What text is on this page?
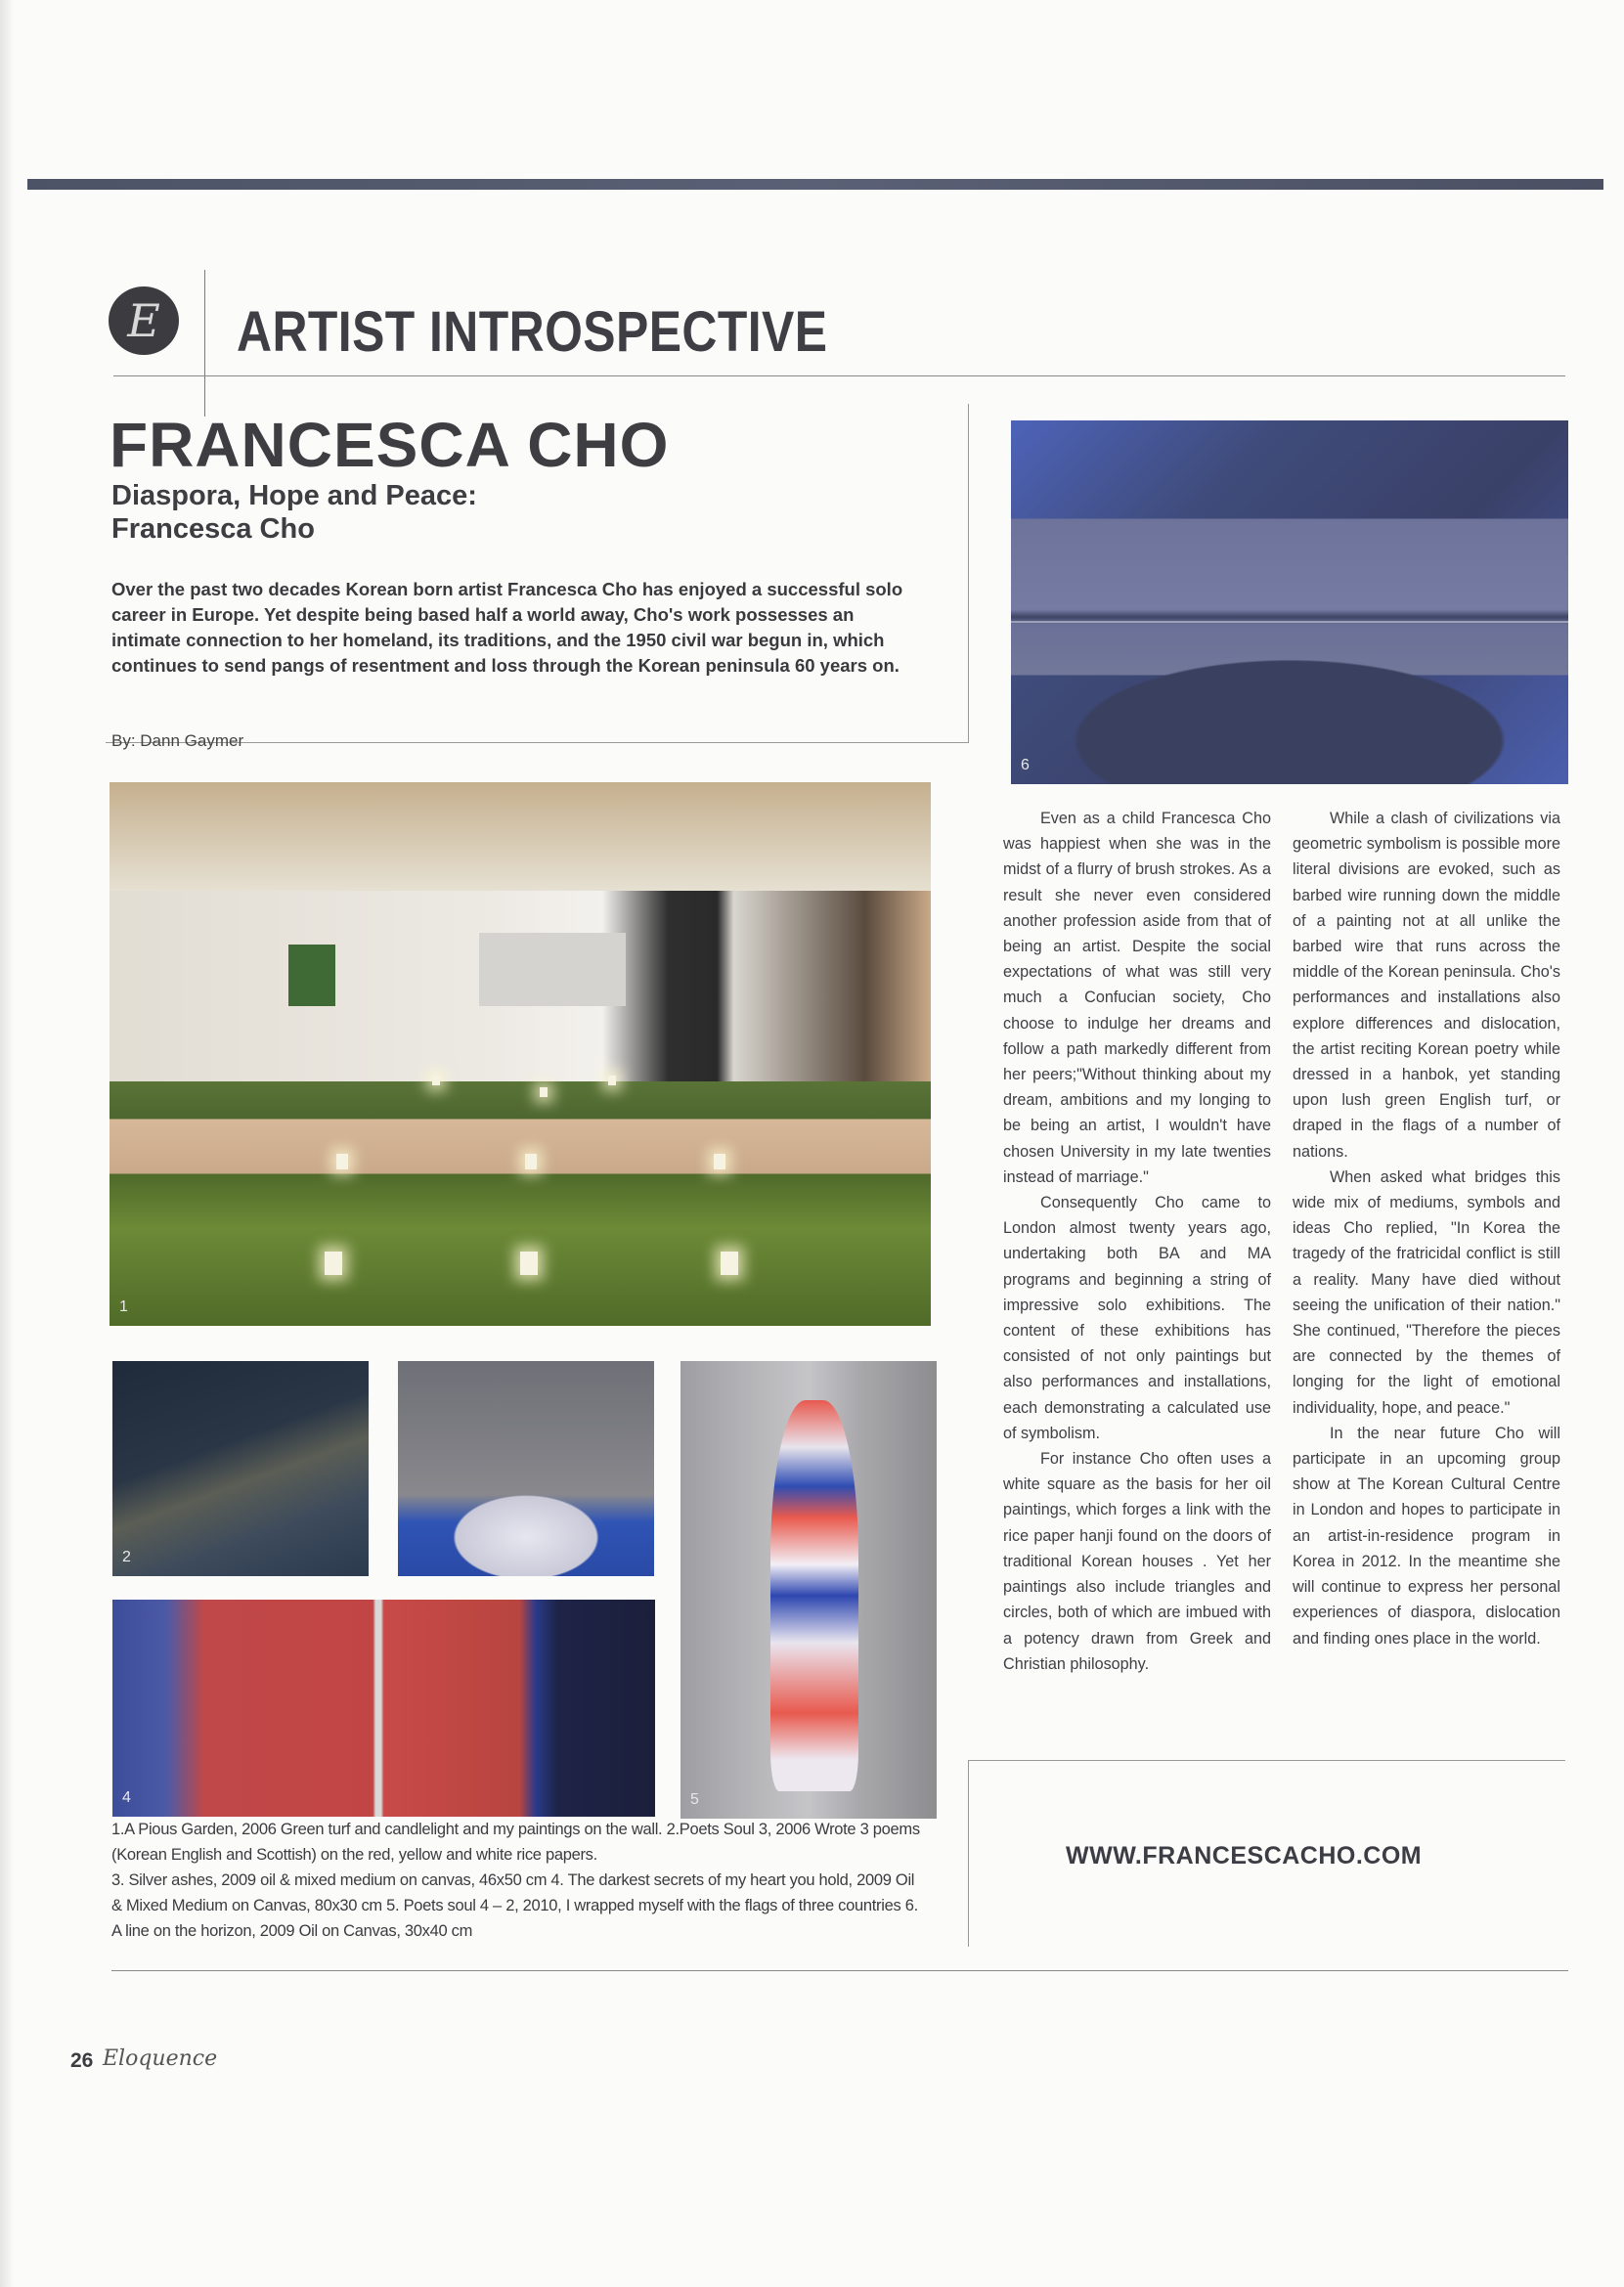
E ARTIST INTROSPECTIVE
FRANCESCA CHO
Diaspora, Hope and Peace:
Francesca Cho
Over the past two decades Korean born artist Francesca Cho has enjoyed a successful solo career in Europe. Yet despite being based half a world away, Cho's work possesses an intimate connection to her homeland, its traditions, and the 1950 civil war begun in, which continues to send pangs of resentment and loss through the Korean peninsula 60 years on.
By: Dann Gaymer
1
2
4	5
6

Even as a child Francesca Cho was happiest when she was in the midst of a flurry of brush strokes. As a result she never even considered another profession aside from that of being an artist. Despite the social expectations of what was still very much a Confucian society, Cho choose to indulge her dreams and follow a path markedly different from her peers;"Without thinking about my dream, ambitions and my longing to be being an artist, I wouldn't have chosen University in my late twenties instead of marriage."

Consequently Cho came to London almost twenty years ago, undertaking both BA and MA programs and beginning a string of impressive solo exhibitions. The content of these exhibitions has consisted of not only paintings but also performances and installations, each demonstrating a calculated use of symbolism.

For instance Cho often uses a white square as the basis for her oil paintings, which forges a link with the rice paper hanji found on the doors of traditional Korean houses . Yet her paintings also include triangles and circles, both of which are imbued with a potency drawn from Greek and Christian philosophy.

While a clash of civilizations via geometric symbolism is possible more literal divisions are evoked, such as barbed wire running down the middle of a painting not at all unlike the barbed wire that runs across the middle of the Korean peninsula. Cho's performances and installations also explore differences and dislocation, the artist reciting Korean poetry while dressed in a hanbok, yet standing upon lush green English turf, or draped in the flags of a number of nations.

When asked what bridges this wide mix of mediums, symbols and ideas Cho replied, "In Korea the tragedy of the fratricidal conflict is still a reality. Many have died without seeing the unification of their nation." She continued, "Therefore the pieces are connected by the themes of longing for the light of emotional individuality, hope, and peace."

In the near future Cho will participate in an upcoming group show at The Korean Cultural Centre in London and hopes to participate in an artist-in-residence program in Korea in 2012. In the meantime she will continue to express her personal experiences of diaspora, dislocation and finding ones place in the world.

1.A Pious Garden, 2006 Green turf and candlelight and my paintings on the wall. 2.Poets Soul 3, 2006 Wrote 3 poems (Korean English and Scottish) on the red, yellow and white rice papers.

3. Silver ashes, 2009 oil & mixed medium on canvas, 46x50 cm 4. The darkest secrets of my heart you hold, 2009 Oil & Mixed Medium on Canvas, 80x30 cm 5. Poets soul 4 – 2, 2010, I wrapped myself with the flags of three countries 6. A line on the horizon, 2009 Oil on Canvas, 30x40 cm

WWW.FRANCESCACHO.COM
26 Eloquence
